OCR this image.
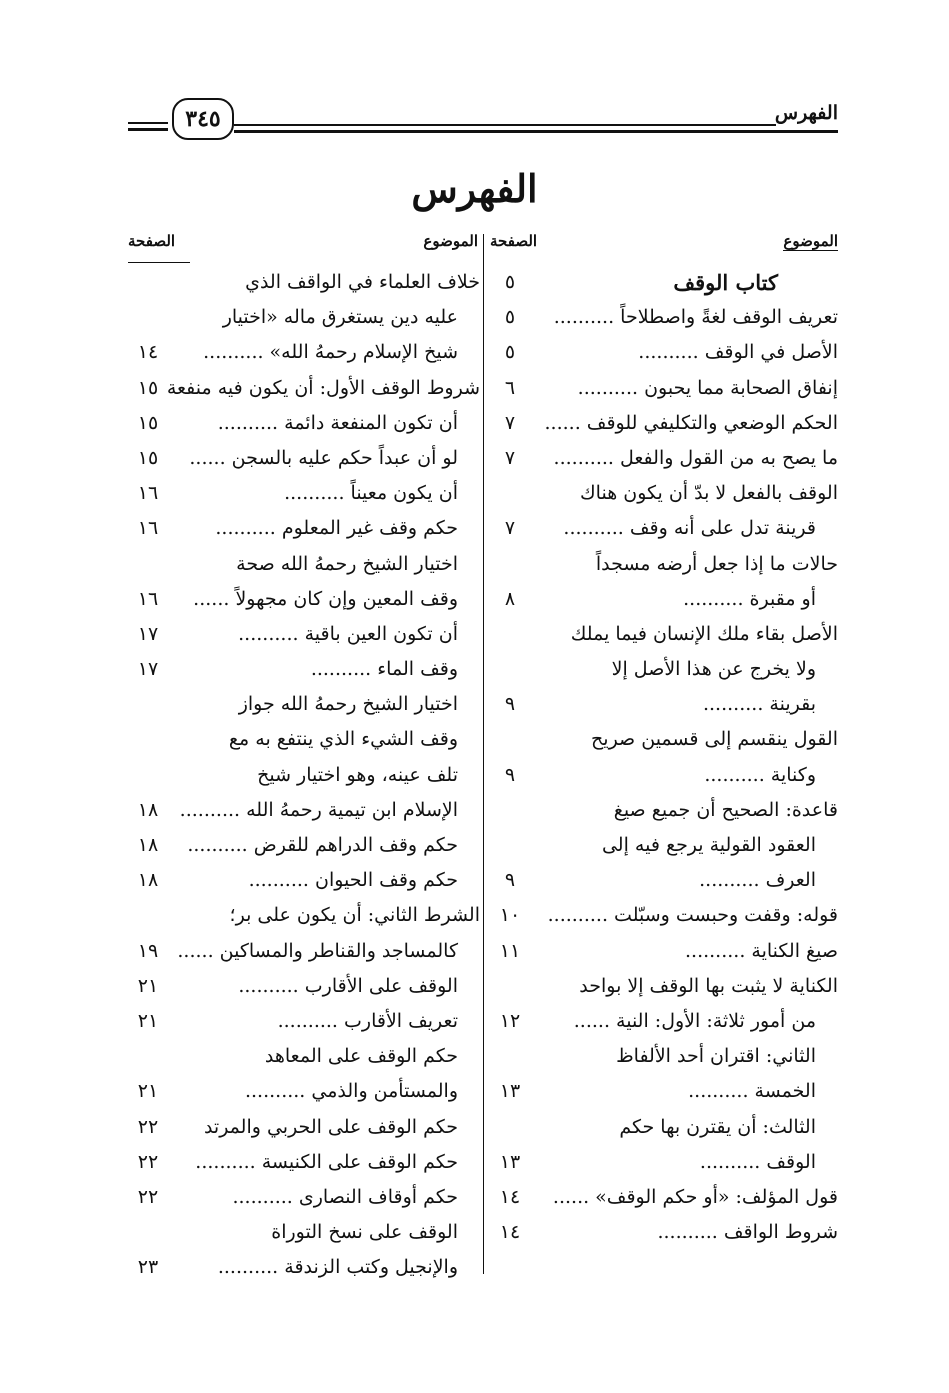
الفهرس
٣٤٥
الفهرس
الموضوع
الصفحة
الموضوع
الصفحة
كتاب الوقف
٥
تعريف الوقف لغةً واصطلاحاً ..........
٥
الأصل في الوقف ..........
٥
إنفاق الصحابة مما يحبون ..........
٦
الحكم الوضعي والتكليفي للوقف ......
٧
ما يصح به من القول والفعل ..........
٧
الوقف بالفعل لا بدّ أن يكون هناك
قرينة تدل على أنه وقف ..........
٧
حالات ما إذا جعل أرضه مسجداً
أو مقبرة ..........
٨
الأصل بقاء ملك الإنسان فيما يملك
ولا يخرج عن هذا الأصل إلا
بقرينة ..........
٩
القول ينقسم إلى قسمين صريح
وكناية ..........
٩
قاعدة: الصحيح أن جميع صيغ
العقود القولية يرجع فيه إلى
العرف ..........
٩
قوله: وقفت وحبست وسبّلت ..........
١٠
صيغ الكناية ..........
١١
الكناية لا يثبت بها الوقف إلا بواحد
من أمور ثلاثة: الأول: النية ......
١٢
الثاني: اقتران أحد الألفاظ
الخمسة ..........
١٣
الثالث: أن يقترن بها حكم
الوقف ..........
١٣
قول المؤلف: «أو حكم الوقف» ......
١٤
شروط الواقف ..........
١٤
خلاف العلماء في الواقف الذي
عليه دين يستغرق ماله «اختيار
شيخ الإسلام رحمهُ الله» ..........
١٤
شروط الوقف الأول: أن يكون فيه منفعة
١٥
أن تكون المنفعة دائمة ..........
١٥
لو أن عبداً حكم عليه بالسجن ......
١٥
أن يكون معيناً ..........
١٦
حكم وقف غير المعلوم ..........
١٦
اختيار الشيخ رحمهُ الله صحة
وقف المعين وإن كان مجهولاً ......
١٦
أن تكون العين باقية ..........
١٧
وقف الماء ..........
١٧
اختيار الشيخ رحمهُ الله جواز
وقف الشيء الذي ينتفع به مع
تلف عينه، وهو اختيار شيخ
الإسلام ابن تيمية رحمهُ الله ..........
١٨
حكم وقف الدراهم للقرض ..........
١٨
حكم وقف الحيوان ..........
١٨
الشرط الثاني: أن يكون على بر؛
كالمساجد والقناطر والمساكين ......
١٩
الوقف على الأقارب ..........
٢١
تعريف الأقارب ..........
٢١
حكم الوقف على المعاهد
والمستأمن والذمي ..........
٢١
حكم الوقف على الحربي والمرتد
٢٢
حكم الوقف على الكنيسة ..........
٢٢
حكم أوقاف النصارى ..........
٢٢
الوقف على نسخ التوراة
والإنجيل وكتب الزندقة ..........
٢٣
